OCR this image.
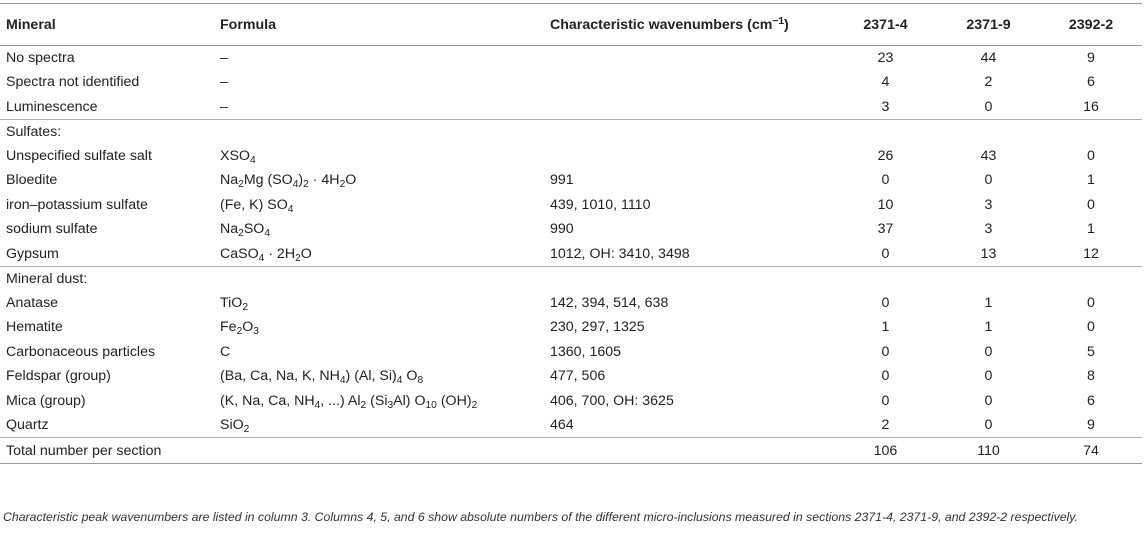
Mineral	Formula	Characteristic wavenumbers $(cm^{-1})$	2371-4	2371-9	2392-2
No spectra	–		23	44	9
Spectra not identified	–		4	2	6
Luminescence	–		3	0	16
Sulfates:					
Unspecified sulfate salt	$XSO_4$		26	43	0
Bloedite	$Na_2Mg$ $(SO_4)_2 \cdot 4H_2O$	991	0	0	1
iron–potassium sulfate	(Fe, K) $SO_4$	439, 1010, 1110	10	3	0
sodium sulfate	$Na_2SO_4$	990	37	3	1
Gypsum	CaSO$_4$ · $2H_2O$	1012, OH: 3410, 3498	0	13	12
Mineral dust:					
Anatase	TiO$_2$	142, 394, 514, 638	0	1	0
Hematite	$Fe_2O_3$	230, 297, 1325	1	1	0
Carbonaceous particles	C	1360, 1605	0	0	5
Feldspar (group)	(Ba, Ca, Na, K, $NH_4$) (Al, $Si)_4$ $O_8$	477, 506	0	0	8
Mica (group)	(K, Na, Ca, $NH_4$, ...) $Al_2$ $(Si_3Al)$ $O_{10}$ $(OH)_2$	406, 700, OH: 3625	0	0	6
Quartz	SiO$_2$	464	2	0	9
Total number per section			106	110	74
Characteristic peak wavenumbers are listed in column 3. Columns 4, 5, and 6 show absolute numbers of the different micro-inclusions measured in sections 2371-4, 2371-9, and 2392-2 respectively.
